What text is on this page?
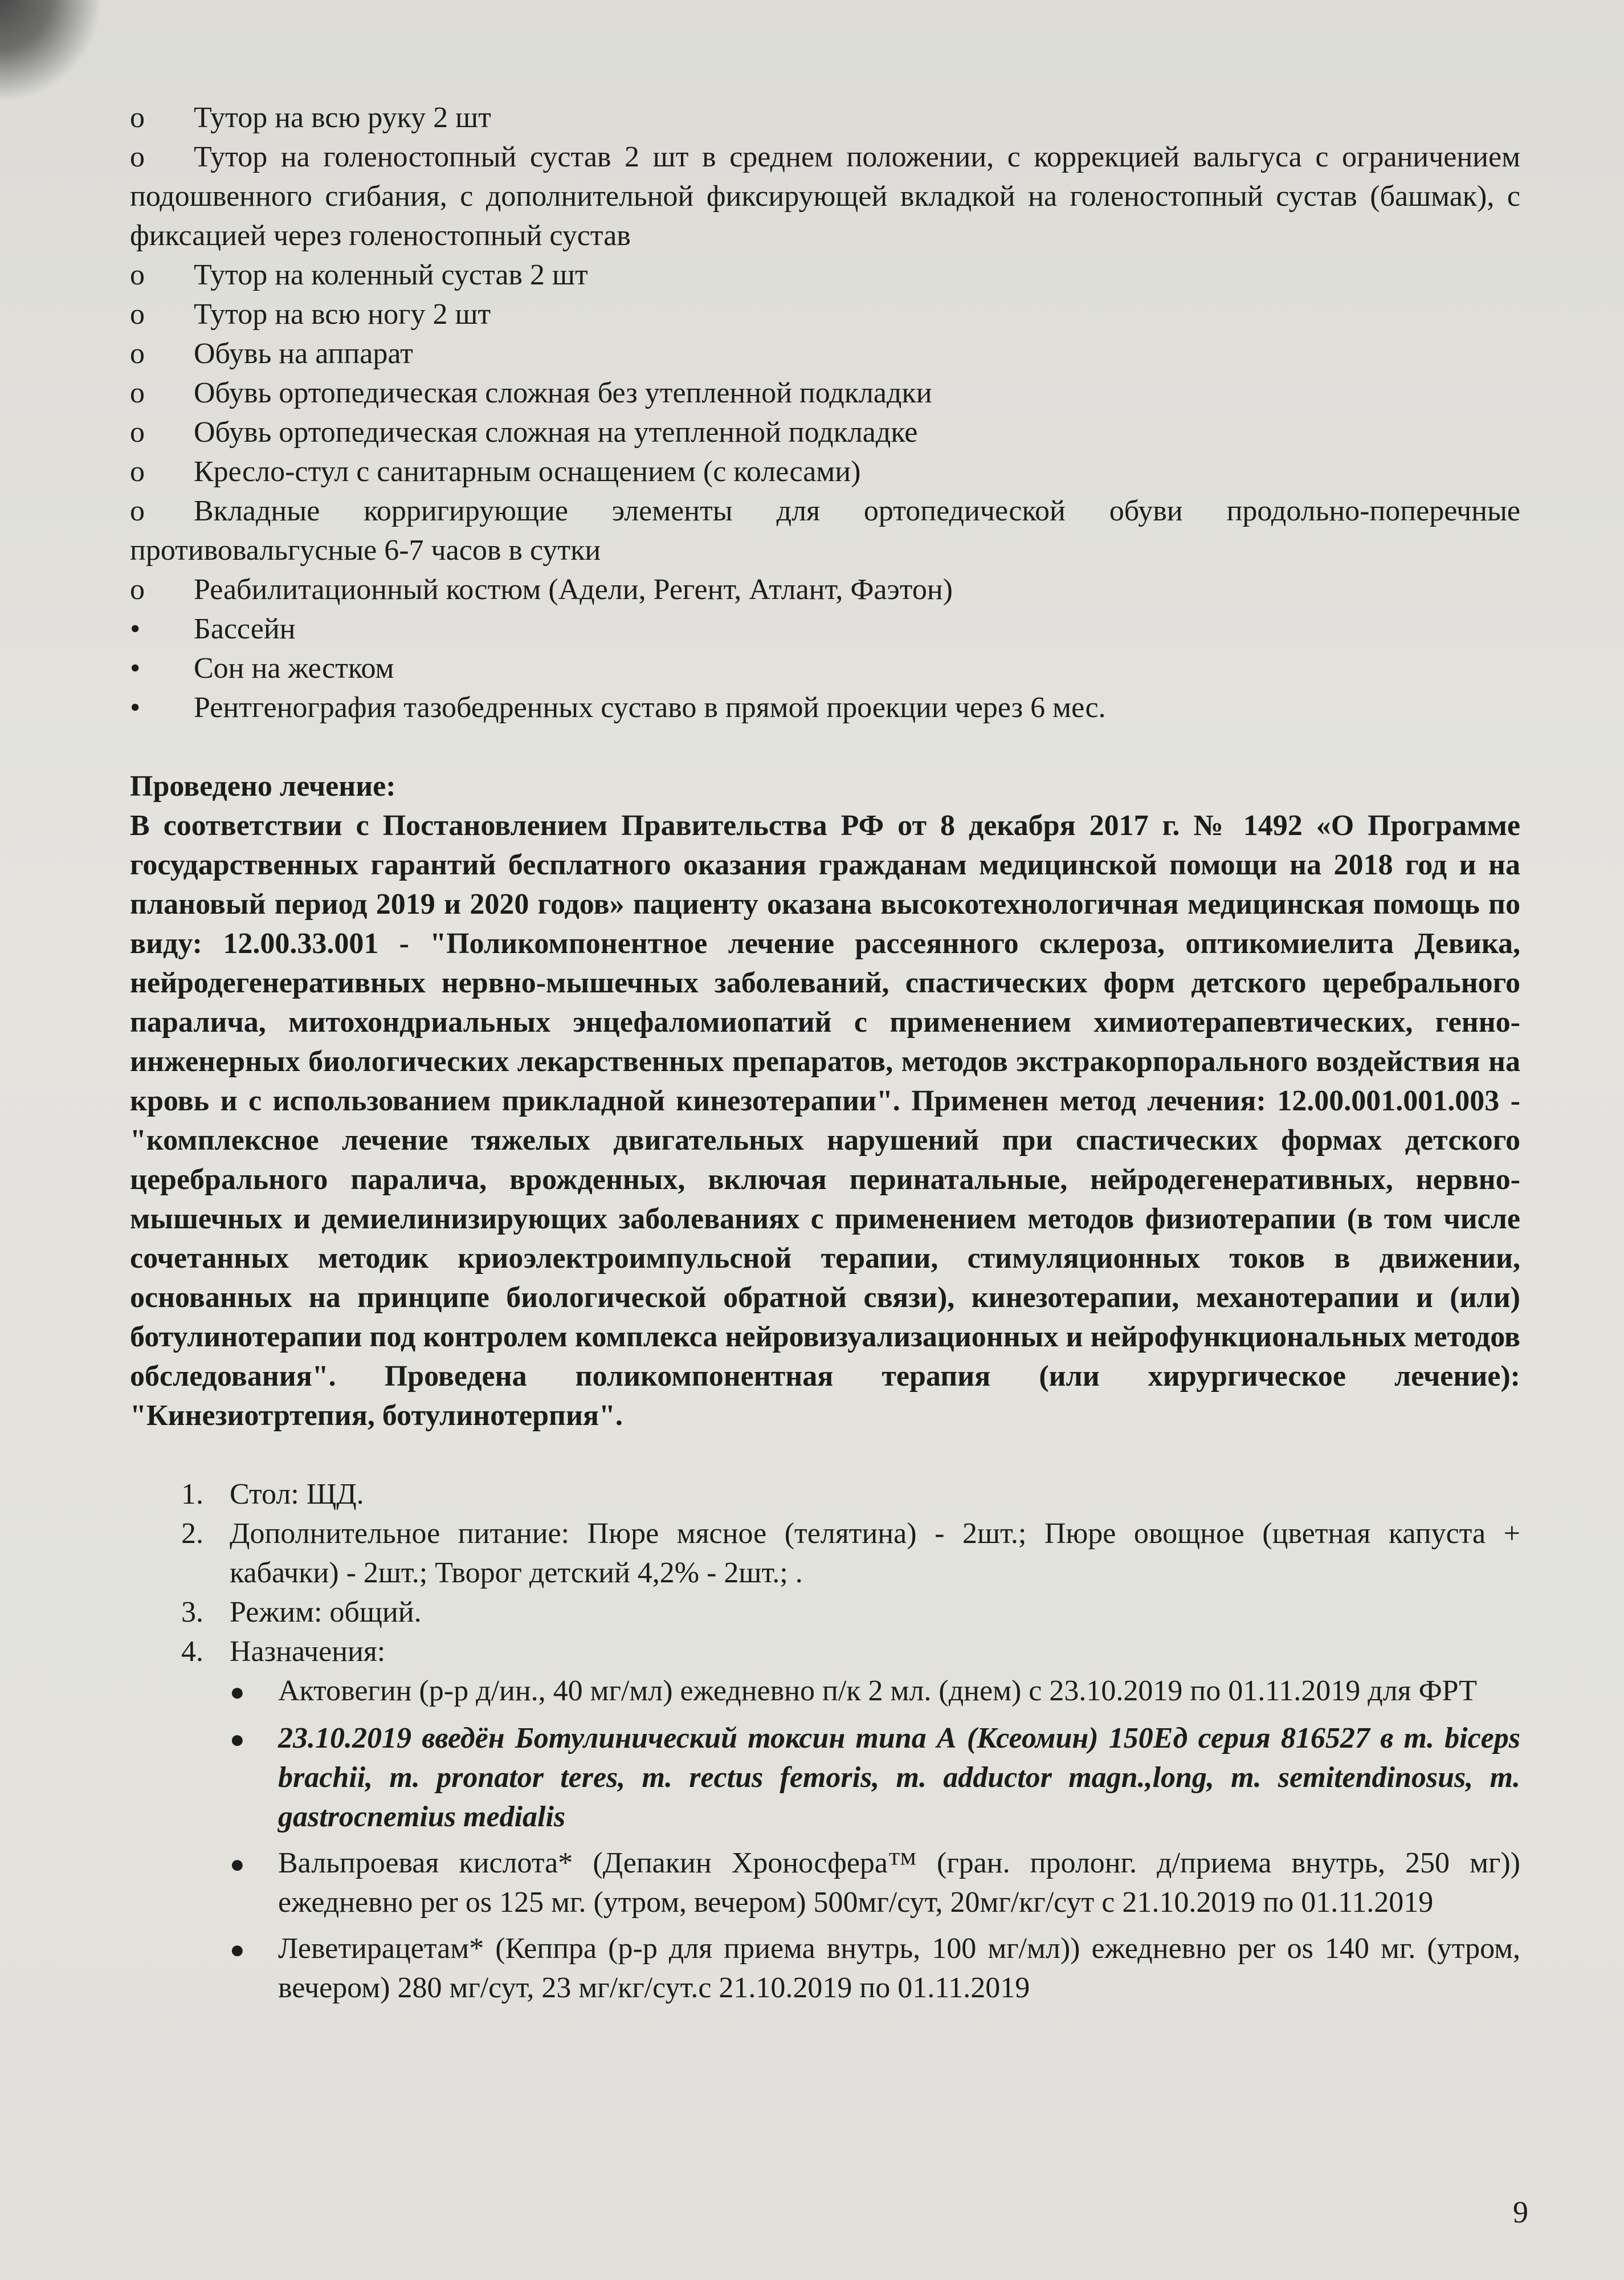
o	Тутор на всю руку 2 шт
o Тутор на голеностопный сустав 2 шт в среднем положении, с коррекцией вальгуса с ограничением подошвенного сгибания, с дополнительной фиксирующей вкладкой на голеностопный сустав (башмак), с фиксацией через голеностопный сустав
o	Тутор на коленный сустав 2 шт
o	Тутор на всю ногу 2 шт
o	Обувь на аппарат
o	Обувь ортопедическая сложная без утепленной подкладки
o	Обувь ортопедическая сложная на утепленной подкладке
o	Кресло-стул с санитарным оснащением (с колесами)
o Вкладные корригирующие элементы для ортопедической обуви продольно-поперечные противовальгусные 6-7 часов в сутки
o	Реабилитационный костюм (Адели, Регент, Атлант, Фаэтон)
•	Бассейн
•	Сон на жестком
•	Рентгенография тазобедренных суставо в прямой проекции через 6 мес.
Проведено лечение:
В соответствии с Постановлением Правительства РФ от 8 декабря 2017 г. № 1492 «О Программе государственных гарантий бесплатного оказания гражданам медицинской помощи на 2018 год и на плановый период 2019 и 2020 годов» пациенту оказана высокотехнологичная медицинская помощь по виду: 12.00.33.001 - "Поликомпонентное лечение рассеянного склероза, оптикомиелита Девика, нейродегенеративных нервно-мышечных заболеваний, спастических форм детского церебрального паралича, митохондриальных энцефаломиопатий с применением химиотерапевтических, генно-инженерных биологических лекарственных препаратов, методов экстракорпорального воздействия на кровь и с использованием прикладной кинезотерапии". Применен метод лечения: 12.00.001.001.003 - "комплексное лечение тяжелых двигательных нарушений при спастических формах детского церебрального паралича, врожденных, включая перинатальные, нейродегенеративных, нервно-мышечных и демиелинизирующих заболеваниях с применением методов физиотерапии (в том числе сочетанных методик криоэлектроимпульсной терапии, стимуляционных токов в движении, основанных на принципе биологической обратной связи), кинезотерапии, механотерапии и (или) ботулинотерапии под контролем комплекса нейровизуализационных и нейрофункциональных методов обследования". Проведена поликомпонентная терапия (или хирургическое лечение): "Кинезиотртепия, ботулинотерпия".
1. Стол: ЩД.
2. Дополнительное питание: Пюре мясное (телятина) - 2шт.; Пюре овощное (цветная капуста + кабачки) - 2шт.; Творог детский 4,2% - 2шт.; .
3. Режим: общий.
4. Назначения:
●	Актовегин (р-р д/ин., 40 мг/мл) ежедневно п/к 2 мл. (днем) с 23.10.2019 по 01.11.2019 для ФРТ
●	23.10.2019 введён Ботулинический токсин типа А (Ксеомин) 150Ед серия 816527 в m. biceps brachii, m. pronator teres, m. rectus femoris, m. adductor magn.,long, m. semitendinosus, m. gastrocnemius medialis
●	Вальпроевая кислота* (Депакин Хроносфера™ (гран. пролонг. д/приема внутрь, 250 мг)) ежедневно per os 125 мг. (утром, вечером) 500мг/сут, 20мг/кг/сут с 21.10.2019 по 01.11.2019
●	Леветирацетам* (Кеппра (р-р для приема внутрь, 100 мг/мл)) ежедневно per os 140 мг. (утром, вечером) 280 мг/сут, 23 мг/кг/сут.с 21.10.2019 по 01.11.2019
9
